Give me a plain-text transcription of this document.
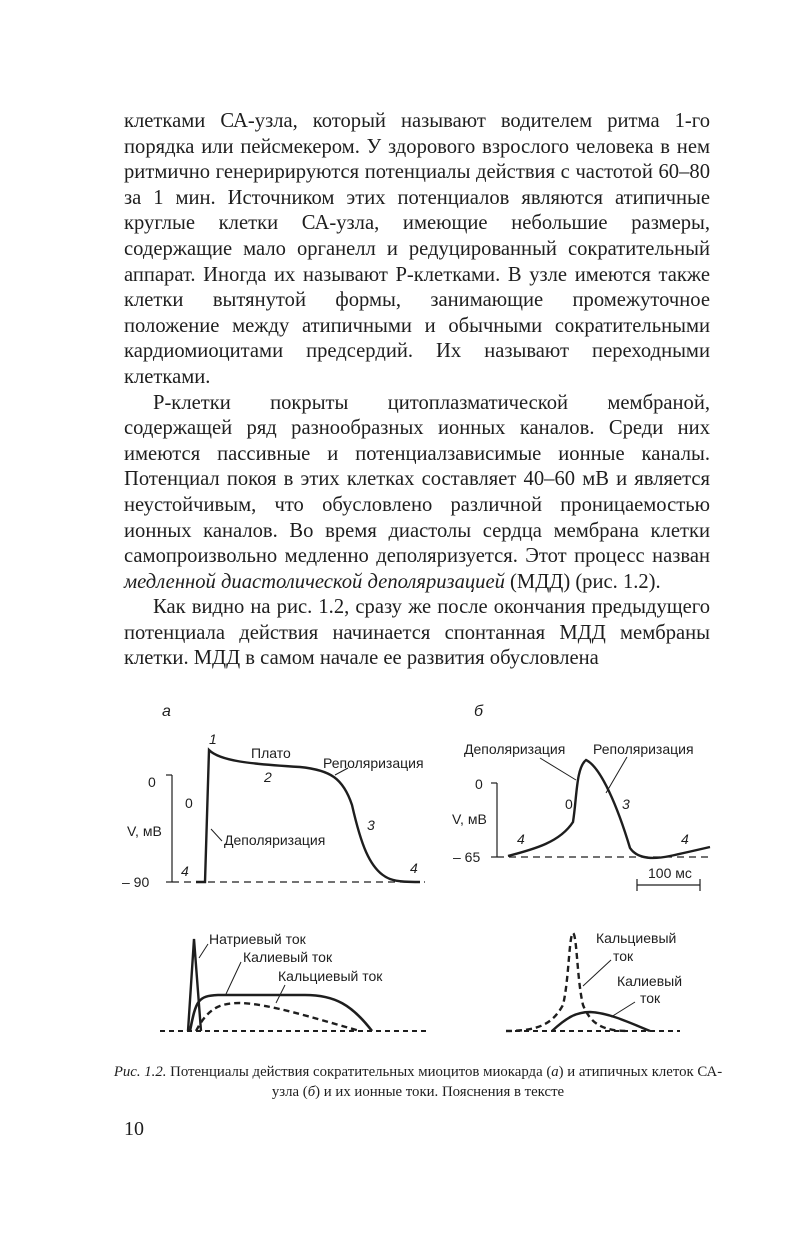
клетками СА-узла, который называют водителем ритма 1-го порядка или пейсмекером. У здорового взрослого человека в нем ритмично генеририруются потенциалы действия с частотой 60–80 за 1 мин. Источником этих потенциалов являются атипичные круглые клетки СА-узла, имеющие небольшие размеры, содержащие мало органелл и редуцированный сократительный аппарат. Иногда их называют Р-клетками. В узле имеются также клетки вытянутой формы, занимающие промежуточное положение между атипичными и обычными сократительными кардиомиоцитами предсердий. Их называют переходными клетками.

Р-клетки покрыты цитоплазматической мембраной, содержащей ряд разнообразных ионных каналов. Среди них имеются пассивные и потенциалзависимые ионные каналы. Потенциал покоя в этих клетках составляет 40–60 мВ и является неустойчивым, что обусловлено различной проницаемостью ионных каналов. Во время диастолы сердца мембрана клетки самопроизвольно медленно деполяризуется. Этот процесс назван медленной диастолической деполяризацией (МДД) (рис. 1.2).

Как видно на рис. 1.2, сразу же после окончания предыдущего потенциала действия начинается спонтанная МДД мембраны клетки. МДД в самом начале ее развития обусловлена

а	б
0
V, мВ
– 90
1
2
3
0
4	4
Плато
Реполяризация
Деполяризация
0
V, мВ
– 65
0	3
4	4
Деполяризация Реполяризация
100 мс
Натриевый ток
Калиевый ток
Кальциевый ток
Кальциевый
ток
Калиевый
ток
Рис. 1.2. Потенциалы действия сократительных миоцитов миокарда (а) и атипичных клеток СА-узла (б) и их ионные токи. Пояснения в тексте
10
